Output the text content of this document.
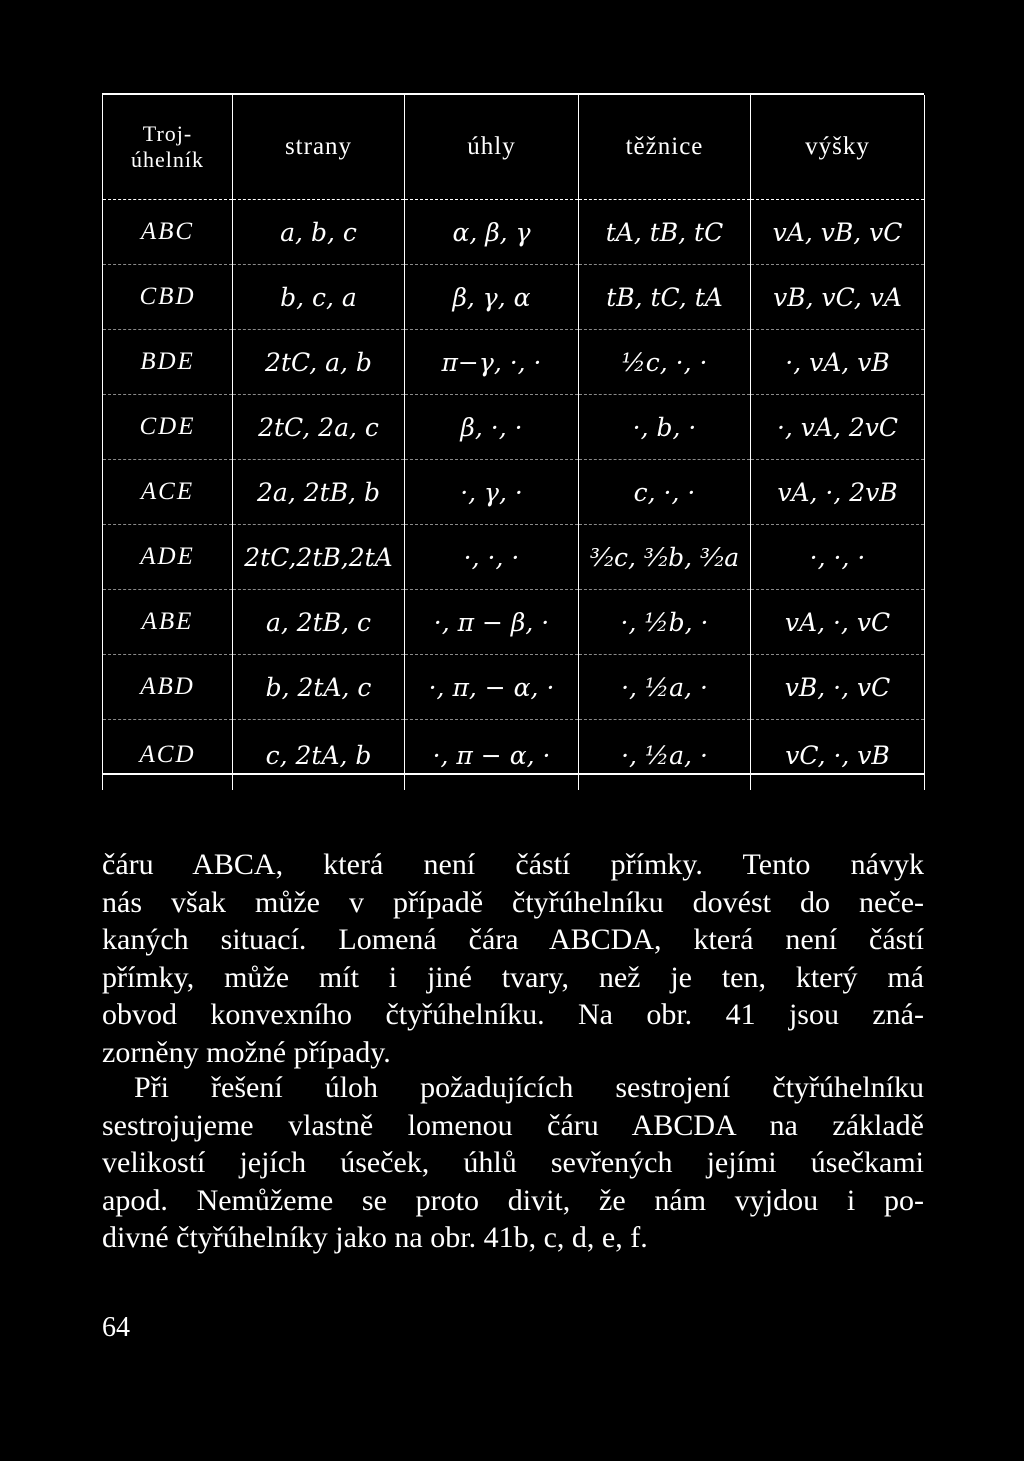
Troj-
úhelník	strany	úhly	těžnice	výšky
ABC	a, b, c	α, β, γ	tA, tB, tC	vA, vB, vC
CBD	b, c, a	β, γ, α	tB, tC, tA	vB, vC, vA
BDE	2tC, a, b	π−γ, ·, ·	½c, ·, ·	·, vA, vB
CDE	2tC, 2a, c	β, ·, ·	·, b, ·	·, vA, 2vC
ACE	2a, 2tB, b	·, γ, ·	c, ·, ·	vA, ·, 2vB
ADE	2tC,2tB,2tA	·, ·, ·	³⁄₂c, ³⁄₂b, ³⁄₂a	·, ·, ·
ABE	a, 2tB, c	·, π − β, ·	·, ½b, ·	vA, ·, vC
ABD	b, 2tA, c	·, π, − α, ·	·, ½a, ·	vB, ·, vC
ACD	c, 2tA, b	·, π − α, ·	·, ½a, ·	vC, ·, vB
čáru ABCA, která není částí přímky. Tento návyk
nás však může v případě čtyřúhelníku dovést do neče-
kaných situací. Lomená čára ABCDA, která není částí
přímky, může mít i jiné tvary, než je ten, který má
obvod konvexního čtyřúhelníku. Na obr. 41 jsou zná-
zorněny možné případy.
Při řešení úloh požadujících sestrojení čtyřúhelníku
sestrojujeme vlastně lomenou čáru ABCDA na základě
velikostí jejích úseček, úhlů sevřených jejími úsečkami
apod. Nemůžeme se proto divit, že nám vyjdou i po-
divné čtyřúhelníky jako na obr. 41b, c, d, e, f.
64
